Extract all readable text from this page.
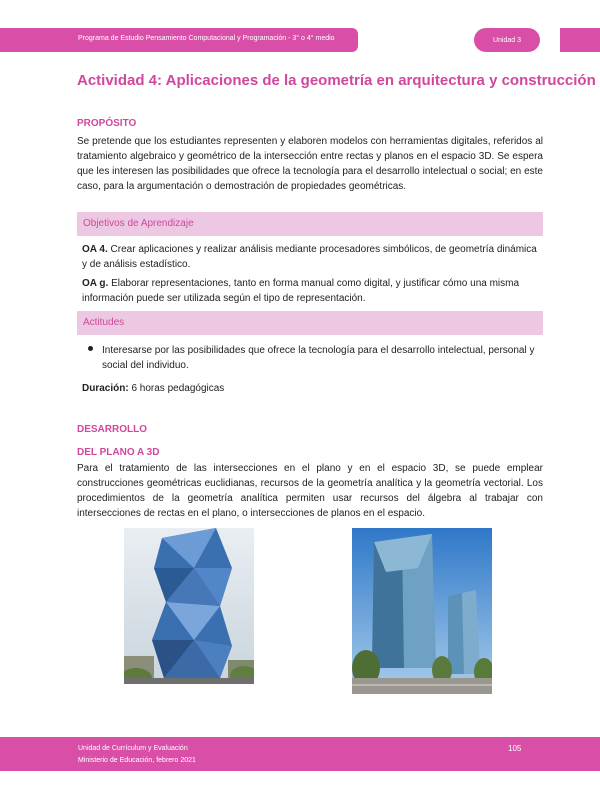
Programa de Estudio Pensamiento Computacional y Programación - 3° o 4° medio	Unidad 3
Actividad 4: Aplicaciones de la geometría en arquitectura y construcción
PROPÓSITO
Se pretende que los estudiantes representen y elaboren modelos con herramientas digitales, referidos al tratamiento algebraico y geométrico de la intersección entre rectas y planos en el espacio 3D. Se espera que les interesen las posibilidades que ofrece la tecnología para el desarrollo intelectual o social; en este caso, para la argumentación o demostración de propiedades geométricas.
Objetivos de Aprendizaje
OA 4. Crear aplicaciones y realizar análisis mediante procesadores simbólicos, de geometría dinámica y de análisis estadístico.
OA g. Elaborar representaciones, tanto en forma manual como digital, y justificar cómo una misma información puede ser utilizada según el tipo de representación.
Actitudes
Interesarse por las posibilidades que ofrece la tecnología para el desarrollo intelectual, personal y social del individuo.
Duración: 6 horas pedagógicas
DESARROLLO
DEL PLANO A 3D
Para el tratamiento de las intersecciones en el plano y en el espacio 3D, se puede emplear construcciones geométricas euclidianas, recursos de la geometría analítica y la geometría vectorial. Los procedimientos de la geometría analítica permiten usar recursos del álgebra al trabajar con intersecciones de rectas en el plano, o intersecciones de planos en el espacio.
Unidad de Currículum y Evaluación
Ministerio de Educación, febrero 2021
105
